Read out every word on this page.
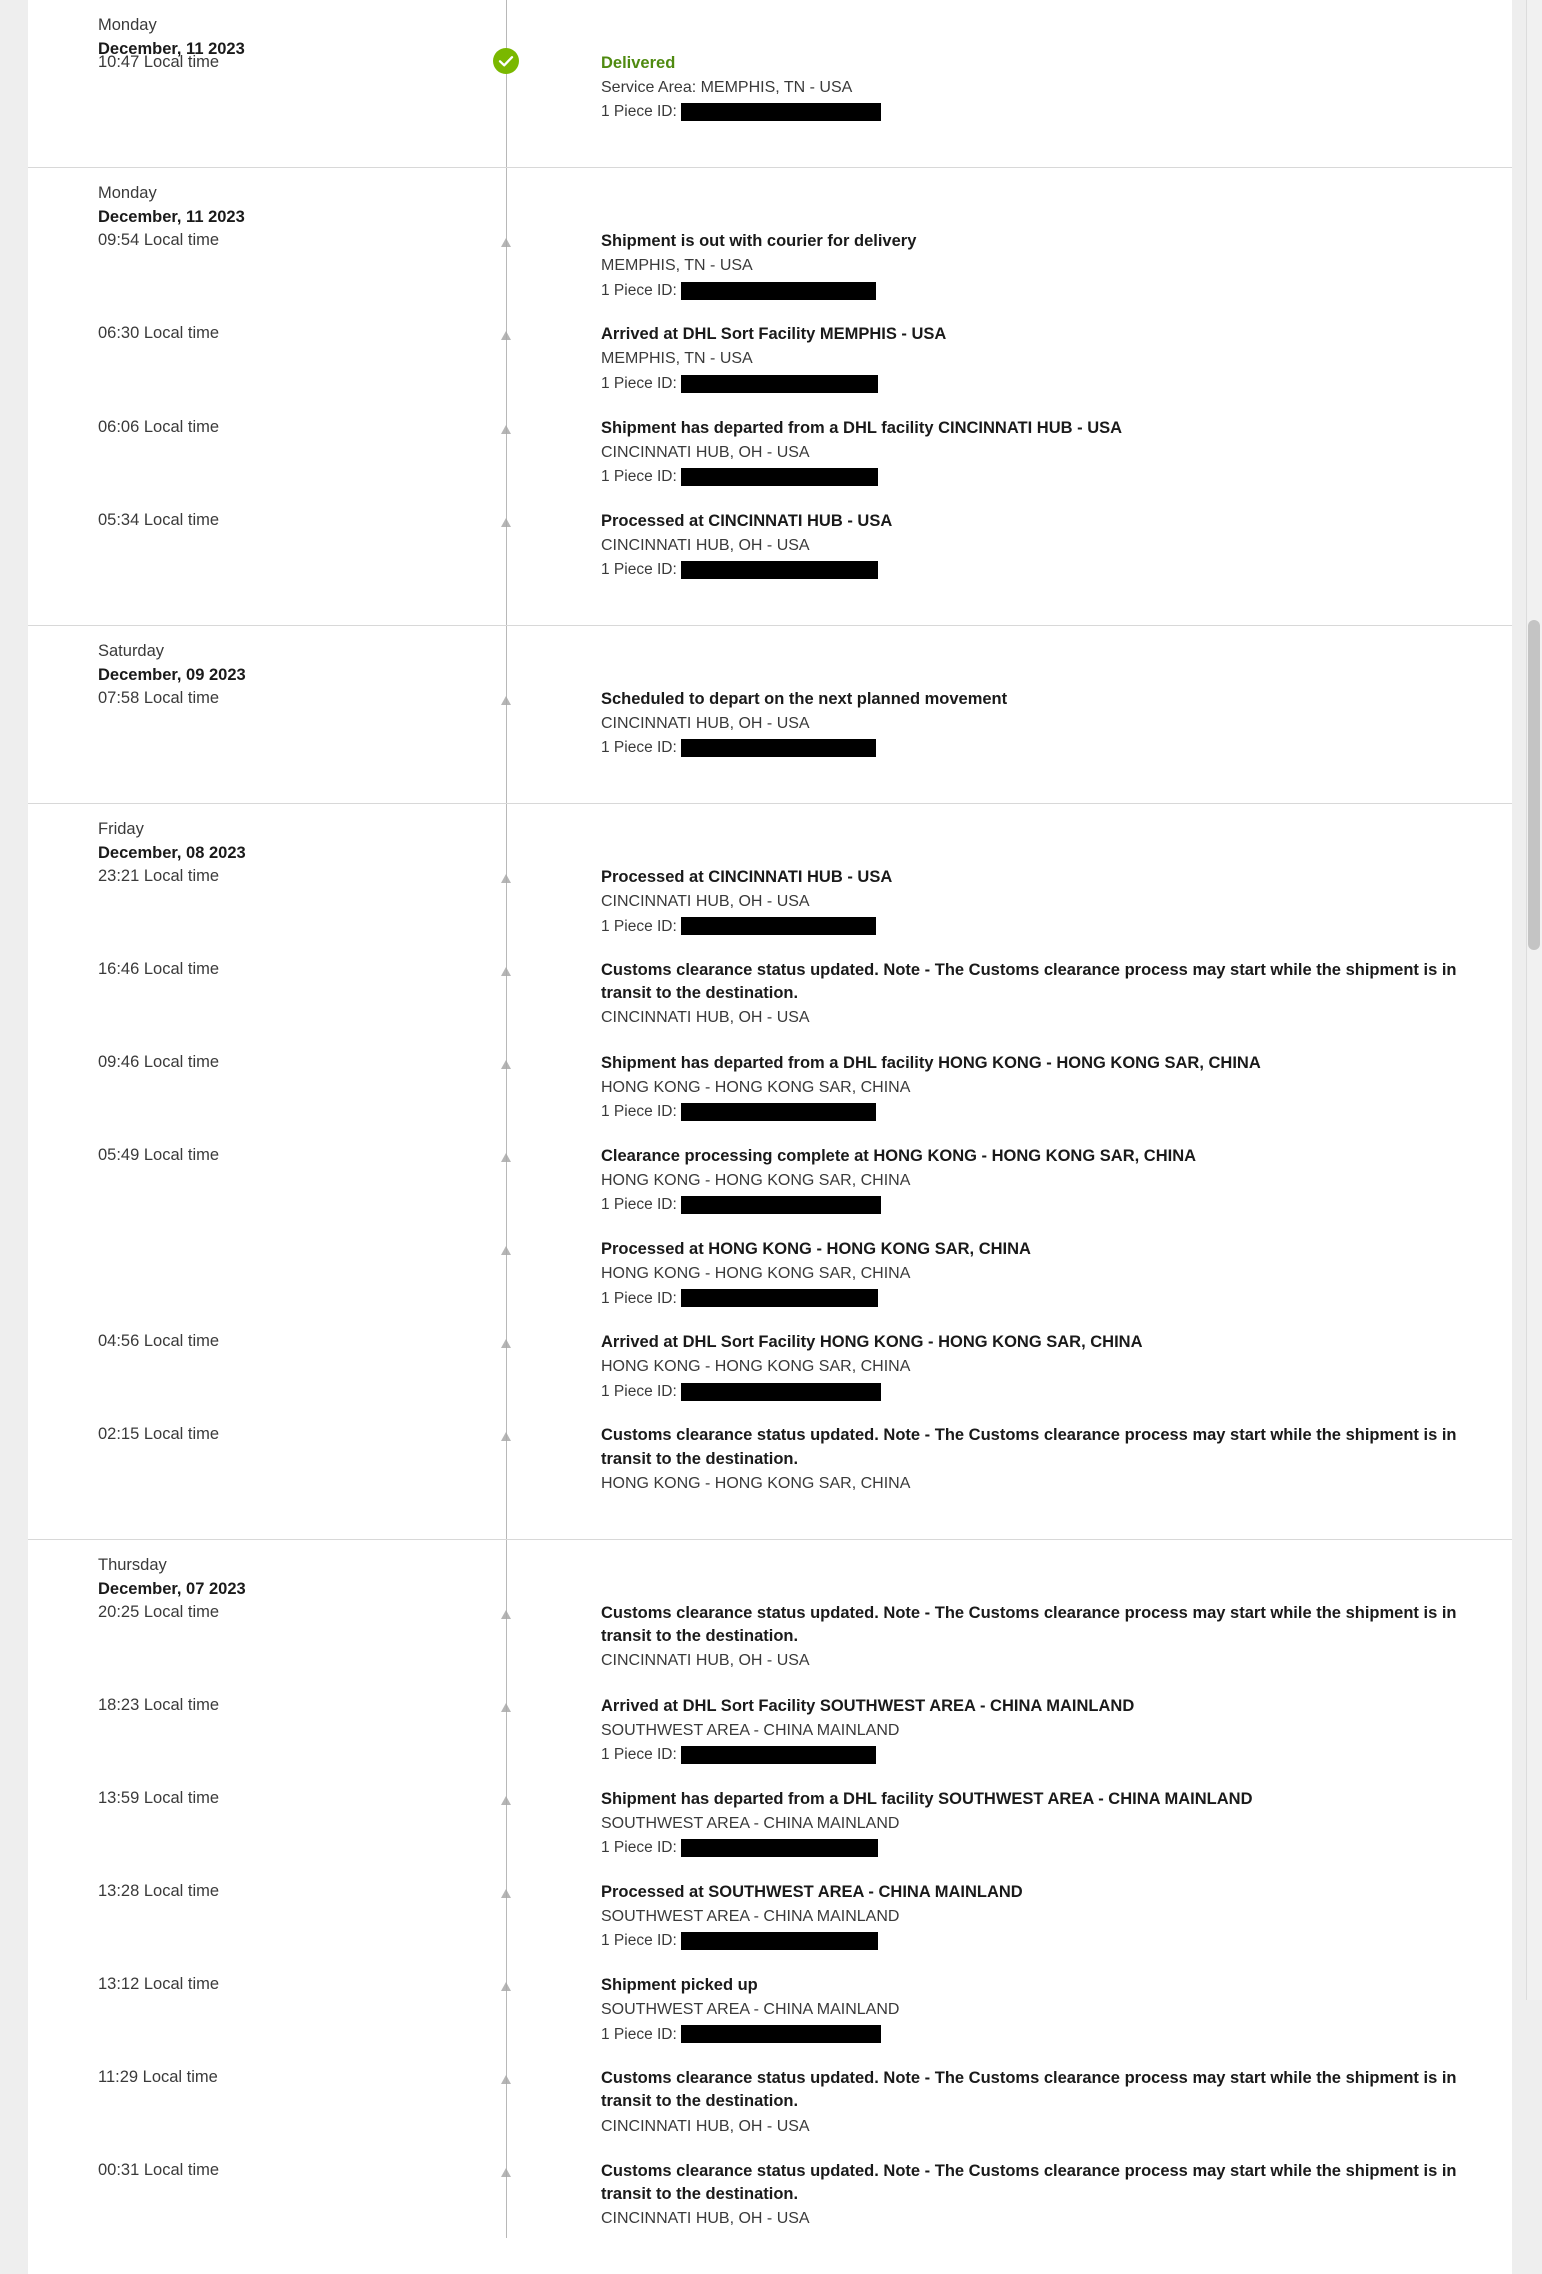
Monday
December, 11 2023
10:47 Local time	Delivered
Service Area: MEMPHIS, TN - USA
1 Piece ID:
Monday
December, 11 2023
09:54 Local time	Shipment is out with courier for delivery
MEMPHIS, TN - USA
1 Piece ID:
06:30 Local time	Arrived at DHL Sort Facility MEMPHIS - USA
MEMPHIS, TN - USA
1 Piece ID:
06:06 Local time	Shipment has departed from a DHL facility CINCINNATI HUB - USA
CINCINNATI HUB, OH - USA
1 Piece ID:
05:34 Local time	Processed at CINCINNATI HUB - USA
CINCINNATI HUB, OH - USA
1 Piece ID:
Saturday
December, 09 2023
07:58 Local time	Scheduled to depart on the next planned movement
CINCINNATI HUB, OH - USA
1 Piece ID:
Friday
December, 08 2023
23:21 Local time	Processed at CINCINNATI HUB - USA
CINCINNATI HUB, OH - USA
1 Piece ID:
16:46 Local time	Customs clearance status updated. Note - The Customs clearance process may start while the shipment is in transit to the destination.
CINCINNATI HUB, OH - USA
09:46 Local time	Shipment has departed from a DHL facility HONG KONG - HONG KONG SAR, CHINA
HONG KONG - HONG KONG SAR, CHINA
1 Piece ID:
05:49 Local time	Clearance processing complete at HONG KONG - HONG KONG SAR, CHINA
HONG KONG - HONG KONG SAR, CHINA
1 Piece ID:
Processed at HONG KONG - HONG KONG SAR, CHINA
HONG KONG - HONG KONG SAR, CHINA
1 Piece ID:
04:56 Local time	Arrived at DHL Sort Facility HONG KONG - HONG KONG SAR, CHINA
HONG KONG - HONG KONG SAR, CHINA
1 Piece ID:
02:15 Local time	Customs clearance status updated. Note - The Customs clearance process may start while the shipment is in transit to the destination.
HONG KONG - HONG KONG SAR, CHINA
Thursday
December, 07 2023
20:25 Local time	Customs clearance status updated. Note - The Customs clearance process may start while the shipment is in transit to the destination.
CINCINNATI HUB, OH - USA
18:23 Local time	Arrived at DHL Sort Facility SOUTHWEST AREA - CHINA MAINLAND
SOUTHWEST AREA - CHINA MAINLAND
1 Piece ID:
13:59 Local time	Shipment has departed from a DHL facility SOUTHWEST AREA - CHINA MAINLAND
SOUTHWEST AREA - CHINA MAINLAND
1 Piece ID:
13:28 Local time	Processed at SOUTHWEST AREA - CHINA MAINLAND
SOUTHWEST AREA - CHINA MAINLAND
1 Piece ID:
13:12 Local time	Shipment picked up
SOUTHWEST AREA - CHINA MAINLAND
1 Piece ID:
11:29 Local time	Customs clearance status updated. Note - The Customs clearance process may start while the shipment is in transit to the destination.
CINCINNATI HUB, OH - USA
00:31 Local time	Customs clearance status updated. Note - The Customs clearance process may start while the shipment is in transit to the destination.
CINCINNATI HUB, OH - USA
